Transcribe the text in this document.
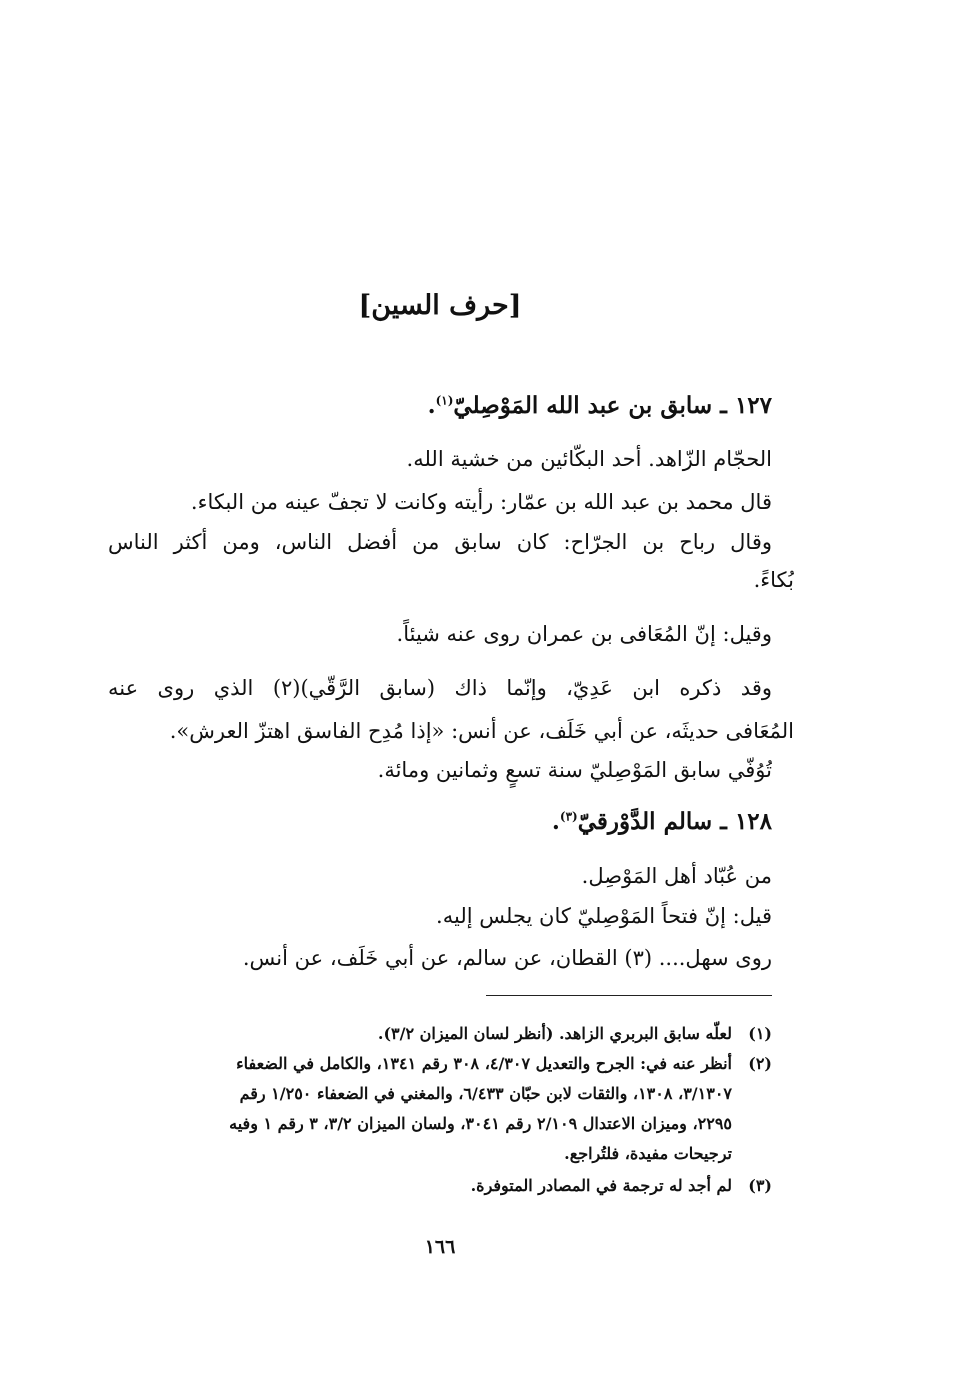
[حرف السين]
١٢٧ ـ سابق بن عبد الله المَوْصِليّ$^{(١)}$.
الحجّام الزّاهد. أحد البكّائين من خشية الله.
قال محمد بن عبد الله بن عمّار: رأيته وكانت لا تجفّ عينه من البكاء.
وقال رباح بن الجرّاح: كان سابق من أفضل الناس، ومن أكثر الناس
بُكاءً.
وقيل: إنّ المُعَافى بن عمران روى عنه شيئاً.
وقد ذكره ابن عَدِيّ، وإنّما ذاك (سابق الرَّقّي)(٢) الذي روى عنه
المُعَافى حديثَه، عن أبي خَلَف، عن أنس: «إذا مُدِح الفاسق اهتزّ العرش».
تُوُفّي سابق المَوْصِليّ سنة تسعٍ وثمانين ومائة.
١٢٨ ـ سالم الدَّوْرقيّ$^{(٣)}$.
من عُبّاد أهل المَوْصِل.
قيل: إنّ فتحاً المَوْصِليّ كان يجلس إليه.
روى سهل.... (٣) القطان، عن سالم، عن أبي خَلَف، عن أنس.
(١)لعلّه سابق البربري الزاهد. (أنظر لسان الميزان ٣/٢).
(٢)أنظر عنه في: الجرح والتعديل ٤/٣٠٧، ٣٠٨ رقم ١٣٤١، والكامل في الضعفاء
٣/١٣٠٧، ١٣٠٨، والثقات لابن حبّان ٦/٤٣٣، والمغني في الضعفاء ١/٢٥٠ رقم
٢٢٩٥، وميزان الاعتدال ٢/١٠٩ رقم ٣٠٤١، ولسان الميزان ٣/٢، ٣ رقم ١ وفيه
ترجيحات مفيدة، فلتُراجع.
(٣)لم أجد له ترجمة في المصادر المتوفرة.
١٦٦
